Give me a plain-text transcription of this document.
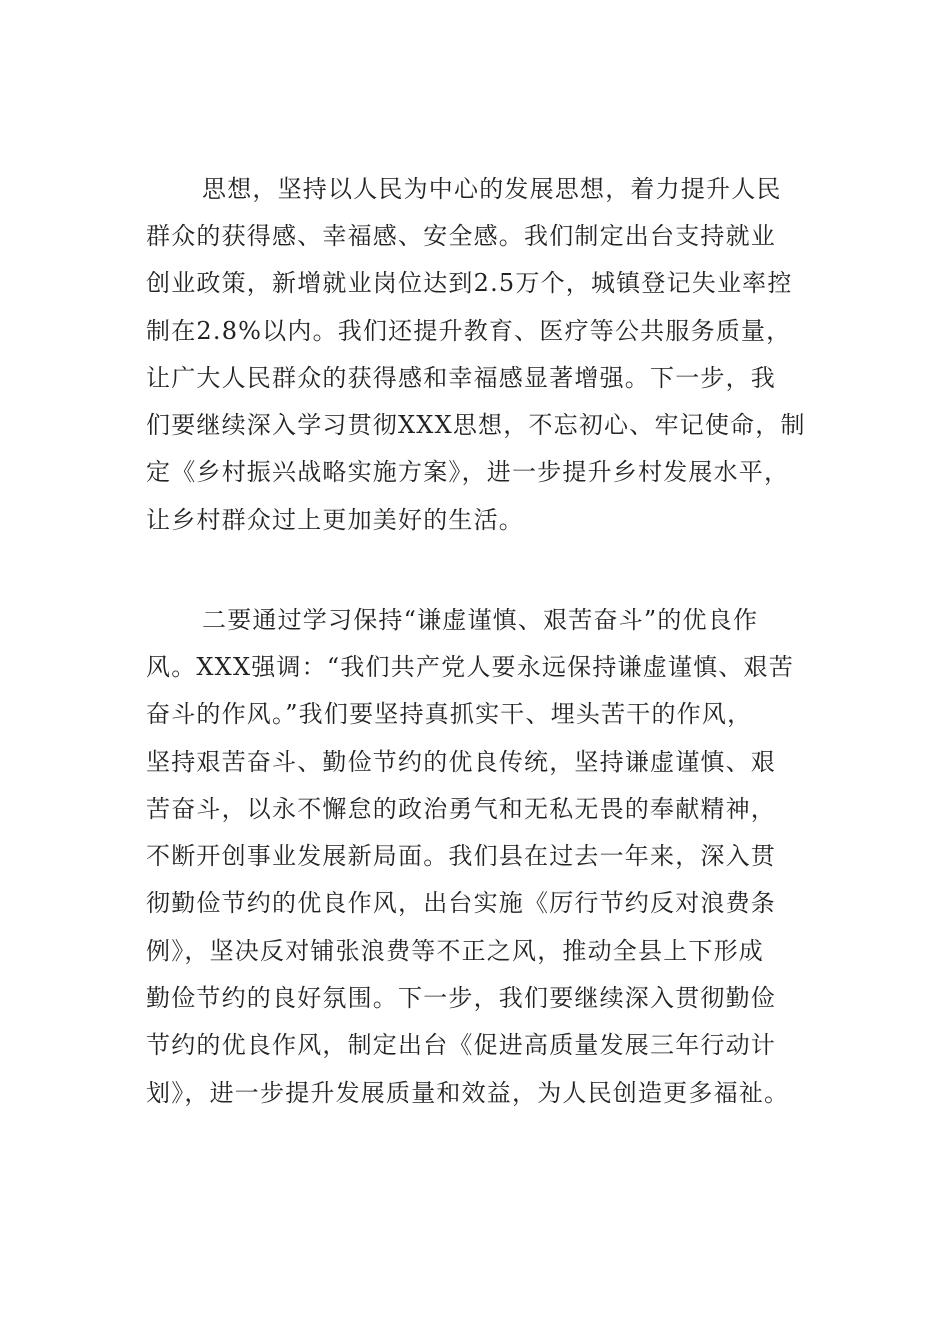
思想，坚持以人民为中心的发展思想，着力提升人民
群众的获得感、幸福感、安全感。我们制定出台支持就业
创业政策，新增就业岗位达到2.5万个，城镇登记失业率控
制在2.8%以内。我们还提升教育、医疗等公共服务质量，
让广大人民群众的获得感和幸福感显著增强。下一步，我
们要继续深入学习贯彻XXX思想，不忘初心、牢记使命，制
定《乡村振兴战略实施方案》，进一步提升乡村发展水平，
让乡村群众过上更加美好的生活。
二要通过学习保持“谦虚谨慎、艰苦奋斗”的优良作
风。XXX强调：“我们共产党人要永远保持谦虚谨慎、艰苦
奋斗的作风。”我们要坚持真抓实干、埋头苦干的作风，
坚持艰苦奋斗、勤俭节约的优良传统，坚持谦虚谨慎、艰
苦奋斗，以永不懈怠的政治勇气和无私无畏的奉献精神，
不断开创事业发展新局面。我们县在过去一年来，深入贯
彻勤俭节约的优良作风，出台实施《厉行节约反对浪费条
例》，坚决反对铺张浪费等不正之风，推动全县上下形成
勤俭节约的良好氛围。下一步，我们要继续深入贯彻勤俭
节约的优良作风，制定出台《促进高质量发展三年行动计
划》，进一步提升发展质量和效益，为人民创造更多福祉。
